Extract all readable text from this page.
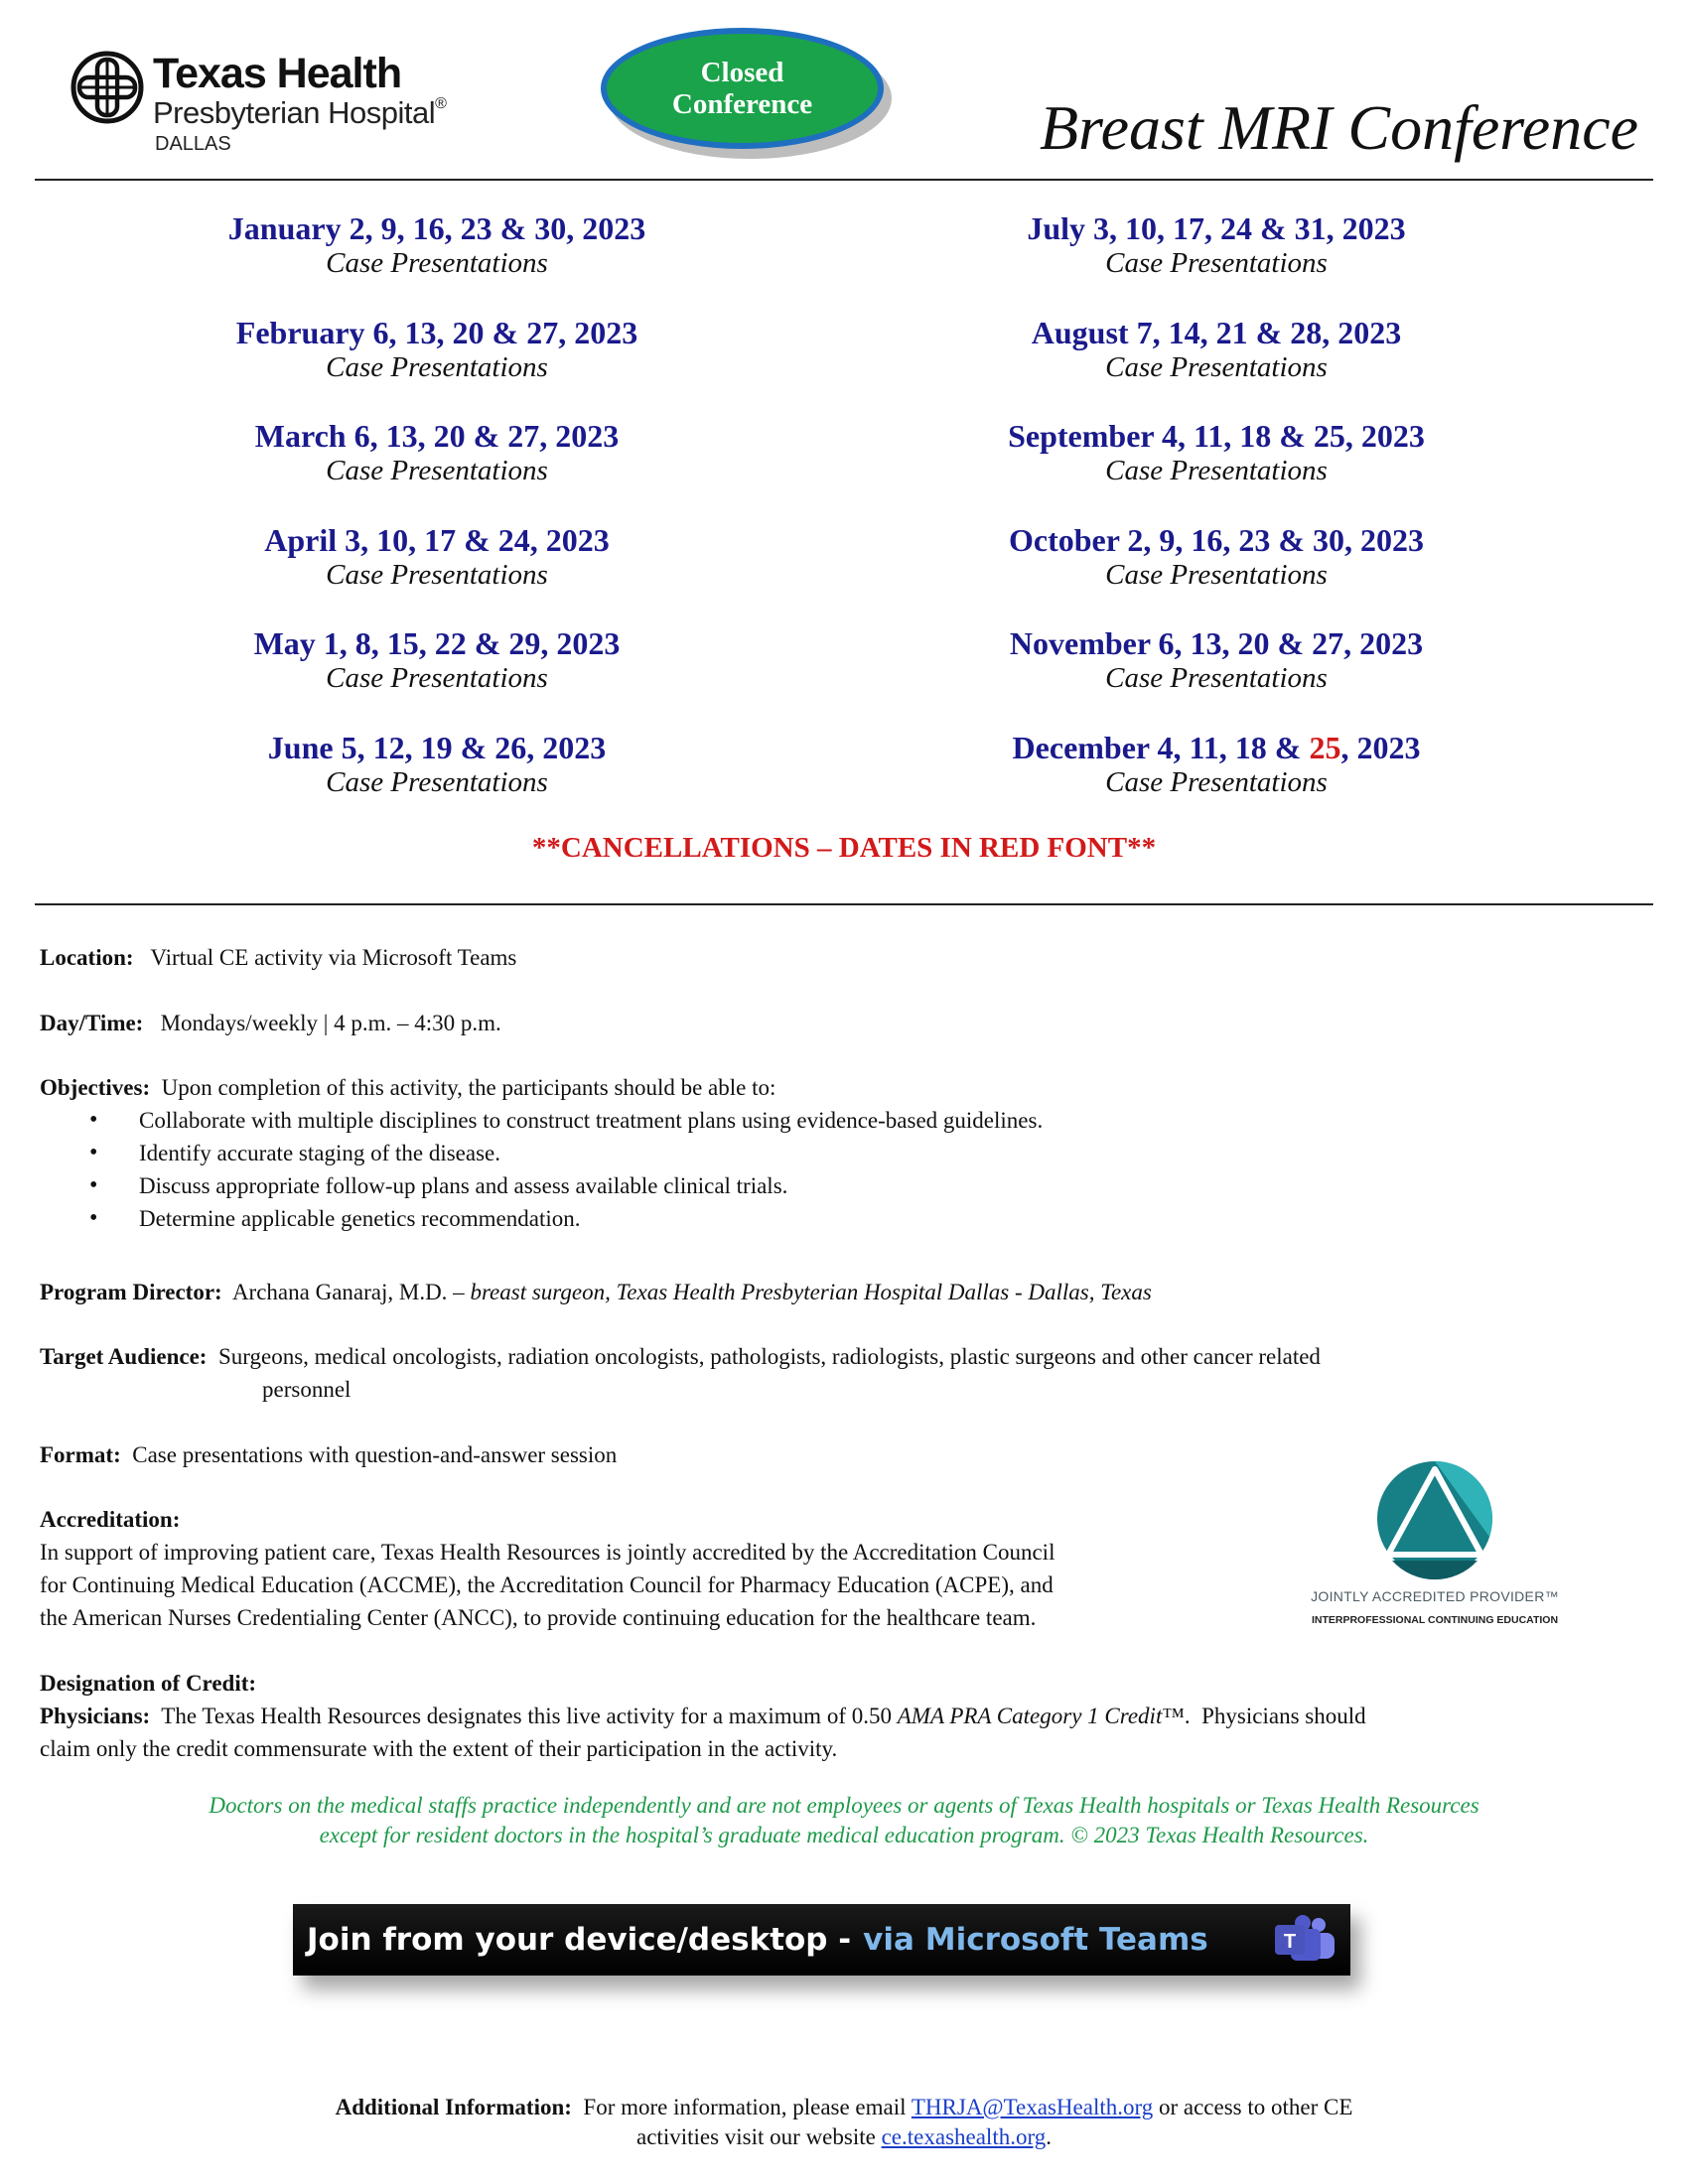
Texas Health
Presbyterian Hospital®
DALLAS
Closed
Conference	Breast MRI Conference
January 2, 9, 16, 23 & 30, 2023
Case Presentations
February 6, 13, 20 & 27, 2023
Case Presentations
March 6, 13, 20 & 27, 2023
Case Presentations
April 3, 10, 17 & 24, 2023
Case Presentations
May 1, 8, 15, 22 & 29, 2023
Case Presentations
June 5, 12, 19 & 26, 2023
Case Presentations
July 3, 10, 17, 24 & 31, 2023
Case Presentations
August 7, 14, 21 & 28, 2023
Case Presentations
September 4, 11, 18 & 25, 2023
Case Presentations
October 2, 9, 16, 23 & 30, 2023
Case Presentations
November 6, 13, 20 & 27, 2023
Case Presentations
December 4, 11, 18 & 25, 2023
Case Presentations
**CANCELLATIONS – DATES IN RED FONT**
Location: Virtual CE activity via Microsoft Teams
Day/Time: Mondays/weekly | 4 p.m. – 4:30 p.m.
Objectives: Upon completion of this activity, the participants should be able to:
• Collaborate with multiple disciplines to construct treatment plans using evidence-based guidelines.
• Identify accurate staging of the disease.
• Discuss appropriate follow-up plans and assess available clinical trials.
• Determine applicable genetics recommendation.
Program Director: Archana Ganaraj, M.D. – breast surgeon, Texas Health Presbyterian Hospital Dallas - Dallas, Texas
Target Audience: Surgeons, medical oncologists, radiation oncologists, pathologists, radiologists, plastic surgeons and other cancer related
personnel
Format: Case presentations with question-and-answer session
Accreditation:
In support of improving patient care, Texas Health Resources is jointly accredited by the Accreditation Council
for Continuing Medical Education (ACCME), the Accreditation Council for Pharmacy Education (ACPE), and
the American Nurses Credentialing Center (ANCC), to provide continuing education for the healthcare team.
JOINTLY ACCREDITED PROVIDER™
INTERPROFESSIONAL CONTINUING EDUCATION
Designation of Credit:
Physicians: The Texas Health Resources designates this live activity for a maximum of 0.50 AMA PRA Category 1 Credit™. Physicians should
claim only the credit commensurate with the extent of their participation in the activity.
Doctors on the medical staffs practice independently and are not employees or agents of Texas Health hospitals or Texas Health Resources
except for resident doctors in the hospital’s graduate medical education program. © 2023 Texas Health Resources.
Join from your device/desktop - via Microsoft Teams	T
Additional Information: For more information, please email THRJA@TexasHealth.org or access to other CE
activities visit our website ce.texashealth.org.
